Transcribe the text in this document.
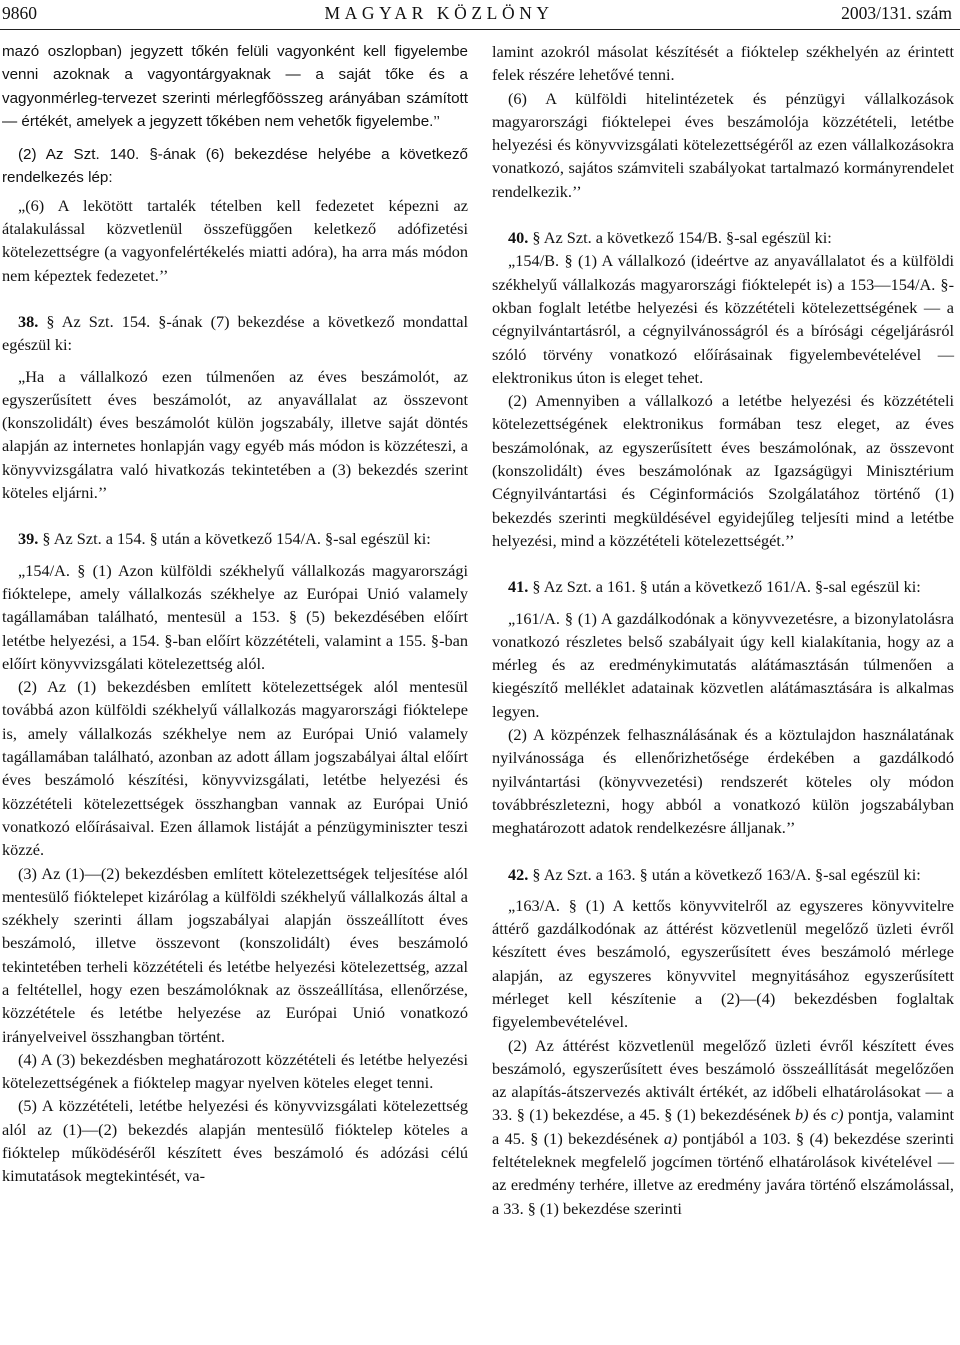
9860	MAGYAR KÖZLÖNY	2003/131. szám

mazó oszlopban) jegyzett tőkén felüli vagyonként kell figyelembe venni azoknak a vagyontárgyaknak — a saját tőke és a vagyonmérleg-tervezet szerinti mérlegfőösszeg arányában számított — értékét, amelyek a jegyzett tőkében nem vehetők figyelembe.’’

(2) Az Szt. 140. §-ának (6) bekezdése helyébe a következő rendelkezés lép:

„(6) A lekötött tartalék tételben kell fedezetet képezni az átalakulással közvetlenül összefüggően keletkező adófizetési kötelezettségre (a vagyonfelértékelés miatti adóra), ha arra más módon nem képeztek fedezetet.’’

38. § Az Szt. 154. §-ának (7) bekezdése a következő mondattal egészül ki:

„Ha a vállalkozó ezen túlmenően az éves beszámolót, az egyszerűsített éves beszámolót, az anyavállalat az összevont (konszolidált) éves beszámolót külön jogszabály, illetve saját döntés alapján az internetes honlapján vagy egyéb más módon is közzéteszi, a könyvvizsgálatra való hivatkozás tekintetében a (3) bekezdés szerint köteles eljárni.’’

39. § Az Szt. a 154. § után a következő 154/A. §-sal egészül ki:

„154/A. § (1) Azon külföldi székhelyű vállalkozás magyarországi fióktelepe, amely vállalkozás székhelye az Európai Unió valamely tagállamában található, mentesül a 153. § (5) bekezdésében előírt letétbe helyezési, a 154. §-ban előírt közzétételi, valamint a 155. §-ban előírt könyvvizsgálati kötelezettség alól.

(2) Az (1) bekezdésben említett kötelezettségek alól mentesül továbbá azon külföldi székhelyű vállalkozás magyarországi fióktelepe is, amely vállalkozás székhelye nem az Európai Unió valamely tagállamában található, azonban az adott állam jogszabályai által előírt éves beszámoló készítési, könyvvizsgálati, letétbe helyezési és közzétételi kötelezettségek összhangban vannak az Európai Unió vonatkozó előírásaival. Ezen államok listáját a pénzügyminiszter teszi közzé.

(3) Az (1)—(2) bekezdésben említett kötelezettségek teljesítése alól mentesülő fióktelepet kizárólag a külföldi székhelyű vállalkozás által a székhely szerinti állam jogszabályai alapján összeállított éves beszámoló, illetve összevont (konszolidált) éves beszámoló tekintetében terheli közzétételi és letétbe helyezési kötelezettség, azzal a feltétellel, hogy ezen beszámolóknak az összeállítása, ellenőrzése, közzététele és letétbe helyezése az Európai Unió vonatkozó irányelveivel összhangban történt.

(4) A (3) bekezdésben meghatározott közzétételi és letétbe helyezési kötelezettségének a fióktelep magyar nyelven köteles eleget tenni.

(5) A közzétételi, letétbe helyezési és könyvvizsgálati kötelezettség alól az (1)—(2) bekezdés alapján mentesülő fióktelep köteles a fióktelep működéséről készített éves beszámoló és adózási célú kimutatások megtekintését, va-

lamint azokról másolat készítését a fióktelep székhelyén az érintett felek részére lehetővé tenni.

(6) A külföldi hitelintézetek és pénzügyi vállalkozások magyarországi fióktelepei éves beszámolója közzétételi, letétbe helyezési és könyvvizsgálati kötelezettségéről az ezen vállalkozásokra vonatkozó, sajátos számviteli szabályokat tartalmazó kormányrendelet rendelkezik.’’

40. § Az Szt. a következő 154/B. §-sal egészül ki:

„154/B. § (1) A vállalkozó (ideértve az anyavállalatot és a külföldi székhelyű vállalkozás magyarországi fióktelepét is) a 153—154/A. §-okban foglalt letétbe helyezési és közzétételi kötelezettségének — a cégnyilvántartásról, a cégnyilvánosságról és a bírósági cégeljárásról szóló törvény vonatkozó előírásainak figyelembevételével — elektronikus úton is eleget tehet.

(2) Amennyiben a vállalkozó a letétbe helyezési és közzétételi kötelezettségének elektronikus formában tesz eleget, az éves beszámolónak, az egyszerűsített éves beszámolónak, az összevont (konszolidált) éves beszámolónak az Igazságügyi Minisztérium Cégnyilvántartási és Céginformációs Szolgálatához történő (1) bekezdés szerinti megküldésével egyidejűleg teljesíti mind a letétbe helyezési, mind a közzétételi kötelezettségét.’’

41. § Az Szt. a 161. § után a következő 161/A. §-sal egészül ki:

„161/A. § (1) A gazdálkodónak a könyvvezetésre, a bizonylatolásra vonatkozó részletes belső szabályait úgy kell kialakítania, hogy az a mérleg és az eredménykimutatás alátámasztásán túlmenően a kiegészítő melléklet adatainak közvetlen alátámasztására is alkalmas legyen.

(2) A közpénzek felhasználásának és a köztulajdon használatának nyilvánossága és ellenőrizhetősége érdekében a gazdálkodó nyilvántartási (könyvvezetési) rendszerét köteles oly módon továbbrészletezni, hogy abból a vonatkozó külön jogszabályban meghatározott adatok rendelkezésre álljanak.’’

42. § Az Szt. a 163. § után a következő 163/A. §-sal egészül ki:

„163/A. § (1) A kettős könyvvitelről az egyszeres könyvvitelre áttérő gazdálkodónak az áttérést közvetlenül megelőző üzleti évről készített éves beszámoló, egyszerűsített éves beszámoló mérlege alapján, az egyszeres könyvvitel megnyitásához egyszerűsített mérleget kell készítenie a (2)—(4) bekezdésben foglaltak figyelembevételével.

(2) Az áttérést közvetlenül megelőző üzleti évről készített éves beszámoló, egyszerűsített éves beszámoló összeállítását megelőzően az alapítás-átszervezés aktivált értékét, az időbeli elhatárolásokat — a 33. § (1) bekezdése, a 45. § (1) bekezdésének b) és c) pontja, valamint a 45. § (1) bekezdésének a) pontjából a 103. § (4) bekezdése szerinti feltételeknek megfelelő jogcímen történő elhatárolások kivételével — az eredmény terhére, illetve az eredmény javára történő elszámolással, a 33. § (1) bekezdése szerinti
